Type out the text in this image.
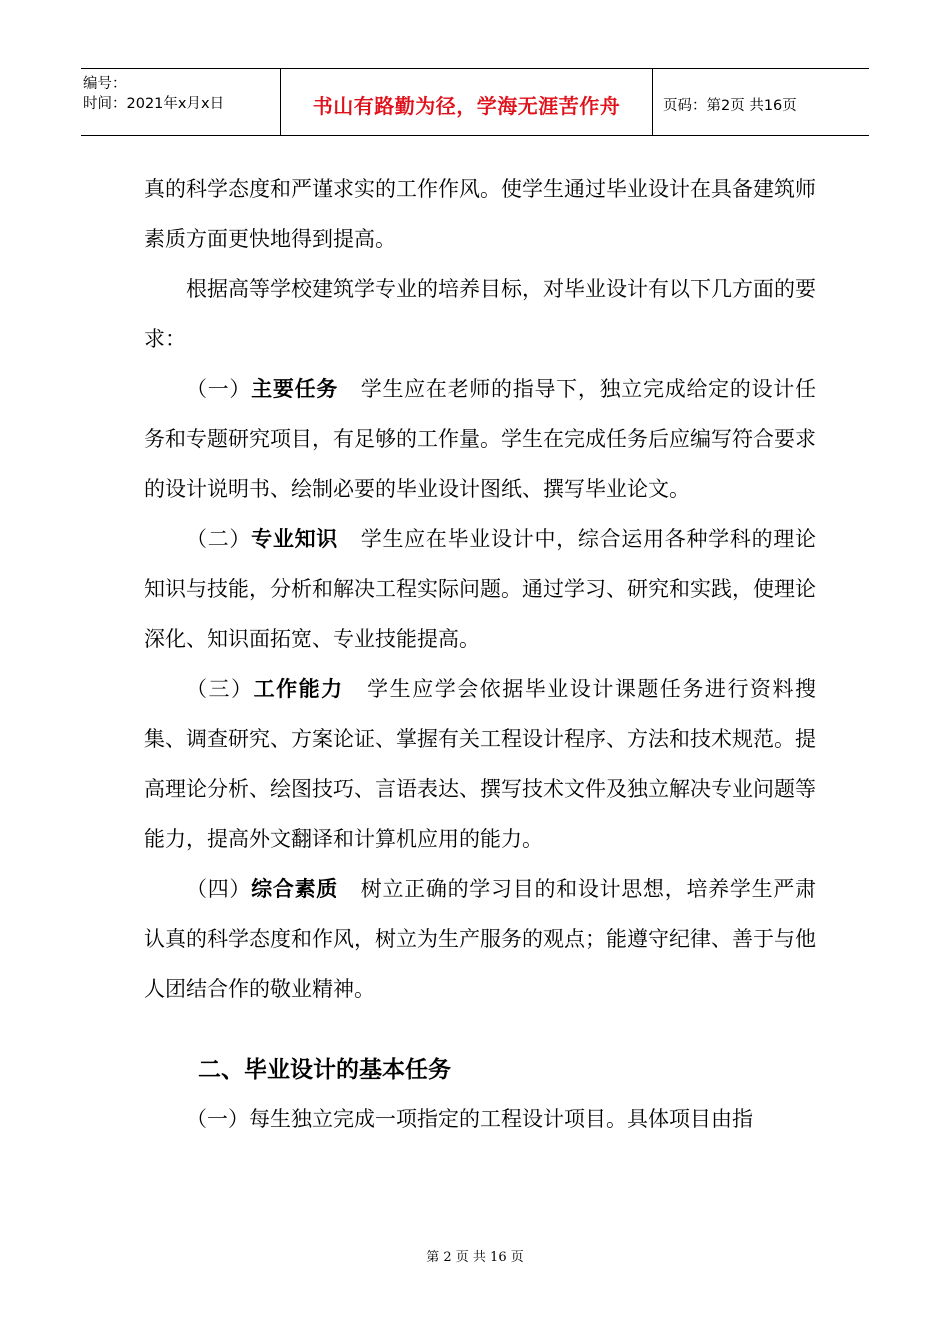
编号：
时间：2021年x月x日	书山有路勤为径，学海无涯苦作舟	页码：第2页 共16页

真的科学态度和严谨求实的工作作风。使学生通过毕业设计在具备建筑师素质方面更快地得到提高。

根据高等学校建筑学专业的培养目标，对毕业设计有以下几方面的要求：

（一）主要任务 学生应在老师的指导下，独立完成给定的设计任务和专题研究项目，有足够的工作量。学生在完成任务后应编写符合要求的设计说明书、绘制必要的毕业设计图纸、撰写毕业论文。

（二）专业知识 学生应在毕业设计中，综合运用各种学科的理论知识与技能，分析和解决工程实际问题。通过学习、研究和实践，使理论深化、知识面拓宽、专业技能提高。

（三）工作能力 学生应学会依据毕业设计课题任务进行资料搜集、调查研究、方案论证、掌握有关工程设计程序、方法和技术规范。提高理论分析、绘图技巧、言语表达、撰写技术文件及独立解决专业问题等能力，提高外文翻译和计算机应用的能力。

（四）综合素质 树立正确的学习目的和设计思想，培养学生严肃认真的科学态度和作风，树立为生产服务的观点；能遵守纪律、善于与他人团结合作的敬业精神。

二、毕业设计的基本任务

（一）每生独立完成一项指定的工程设计项目。具体项目由指

第 2 页 共 16 页
